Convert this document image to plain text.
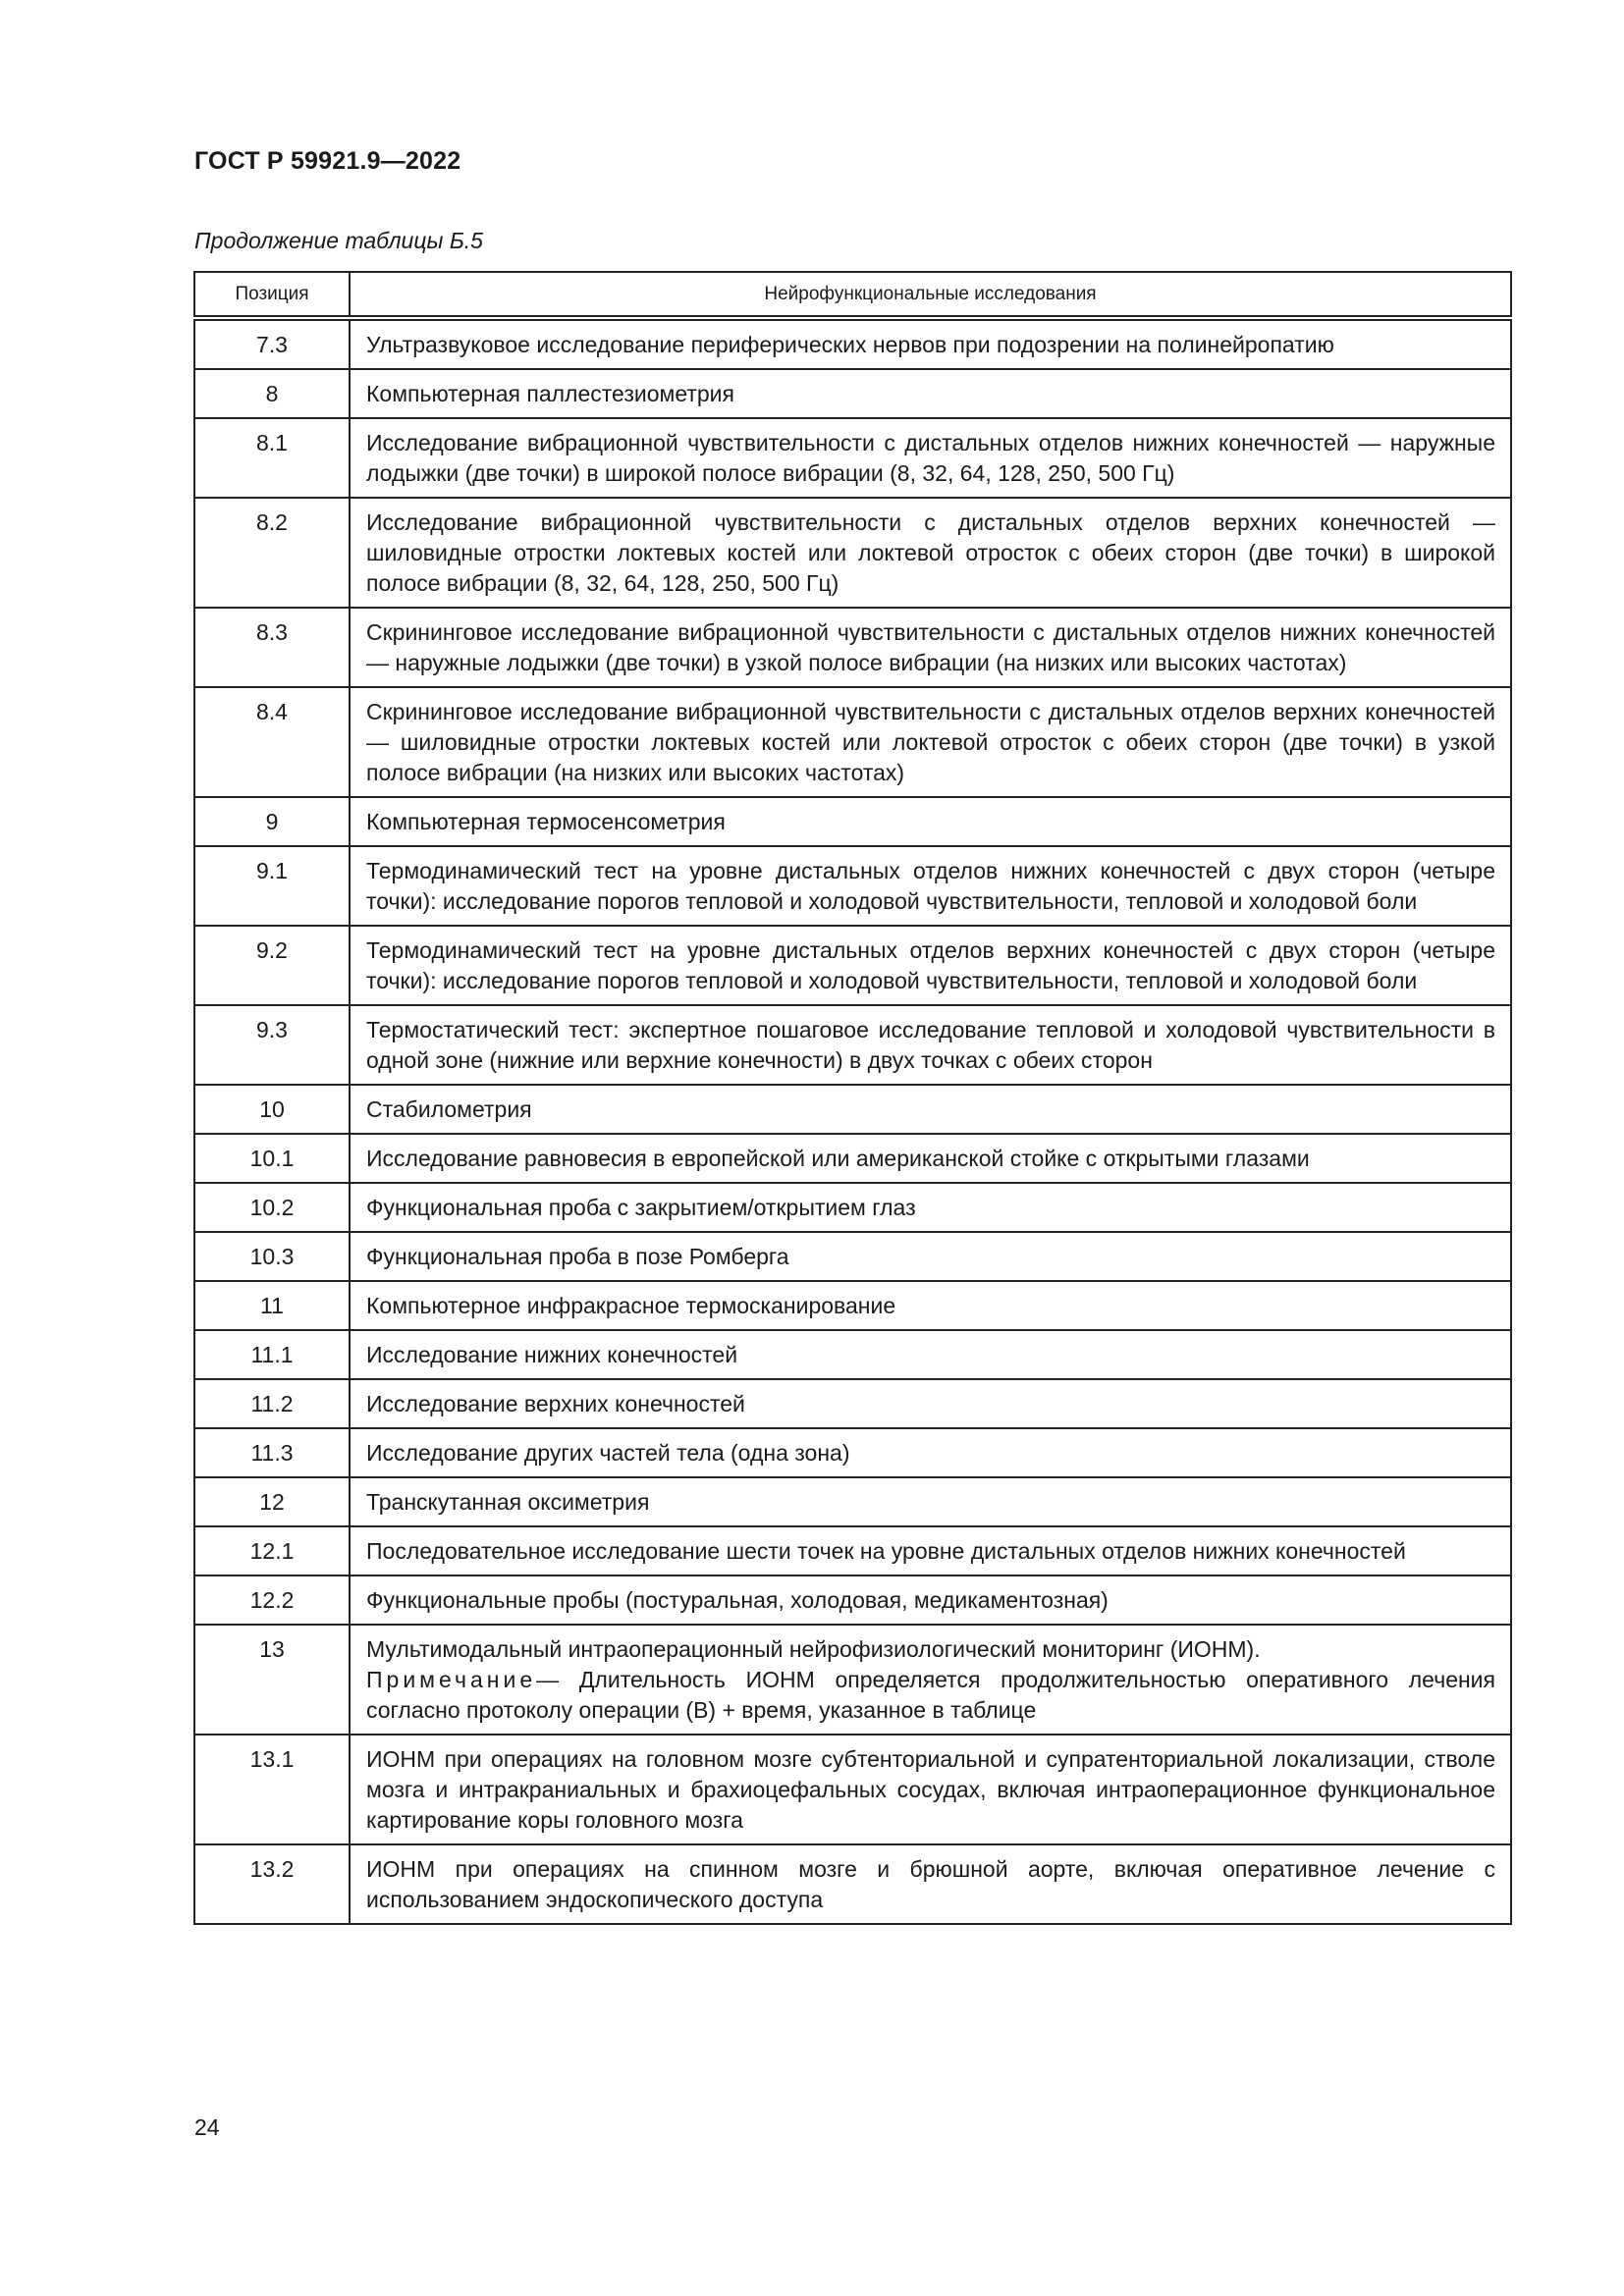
ГОСТ Р 59921.9—2022
Продолжение таблицы Б.5
Позиция	Нейрофункциональные исследования
7.3	Ультразвуковое исследование периферических нервов при подозрении на полинейропатию
8	Компьютерная паллестезиометрия
8.1	Исследование вибрационной чувствительности с дистальных отделов нижних конечностей — наружные лодыжки (две точки) в широкой полосе вибрации (8, 32, 64, 128, 250, 500 Гц)
8.2	Исследование вибрационной чувствительности с дистальных отделов верхних конечностей — шиловидные отростки локтевых костей или локтевой отросток с обеих сторон (две точки) в широкой полосе вибрации (8, 32, 64, 128, 250, 500 Гц)
8.3	Скрининговое исследование вибрационной чувствительности с дистальных отделов нижних конечностей — наружные лодыжки (две точки) в узкой полосе вибрации (на низких или высоких частотах)
8.4	Скрининговое исследование вибрационной чувствительности с дистальных отделов верхних конечностей — шиловидные отростки локтевых костей или локтевой отросток с обеих сторон (две точки) в узкой полосе вибрации (на низких или высоких частотах)
9	Компьютерная термосенсометрия
9.1	Термодинамический тест на уровне дистальных отделов нижних конечностей с двух сторон (четыре точки): исследование порогов тепловой и холодовой чувствительности, тепловой и холодовой боли
9.2	Термодинамический тест на уровне дистальных отделов верхних конечностей с двух сторон (четыре точки): исследование порогов тепловой и холодовой чувствительности, тепловой и холодовой боли
9.3	Термостатический тест: экспертное пошаговое исследование тепловой и холодовой чувствительности в одной зоне (нижние или верхние конечности) в двух точках с обеих сторон
10	Стабилометрия
10.1	Исследование равновесия в европейской или американской стойке с открытыми глазами
10.2	Функциональная проба с закрытием/открытием глаз
10.3	Функциональная проба в позе Ромберга
11	Компьютерное инфракрасное термосканирование
11.1	Исследование нижних конечностей
11.2	Исследование верхних конечностей
11.3	Исследование других частей тела (одна зона)
12	Транскутанная оксиметрия
12.1	Последовательное исследование шести точек на уровне дистальных отделов нижних конечностей
12.2	Функциональные пробы (постуральная, холодовая, медикаментозная)
13	Мультимодальный интраоперационный нейрофизиологический мониторинг (ИОНМ).
Примечание— Длительность ИОНМ определяется продолжительностью оперативного лечения согласно протоколу операции (В) + время, указанное в таблице
13.1	ИОНМ при операциях на головном мозге субтенториальной и супратенториальной локализации, стволе мозга и интракраниальных и брахиоцефальных сосудах, включая интраоперационное функциональное картирование коры головного мозга
13.2	ИОНМ при операциях на спинном мозге и брюшной аорте, включая оперативное лечение с использованием эндоскопического доступа
24
